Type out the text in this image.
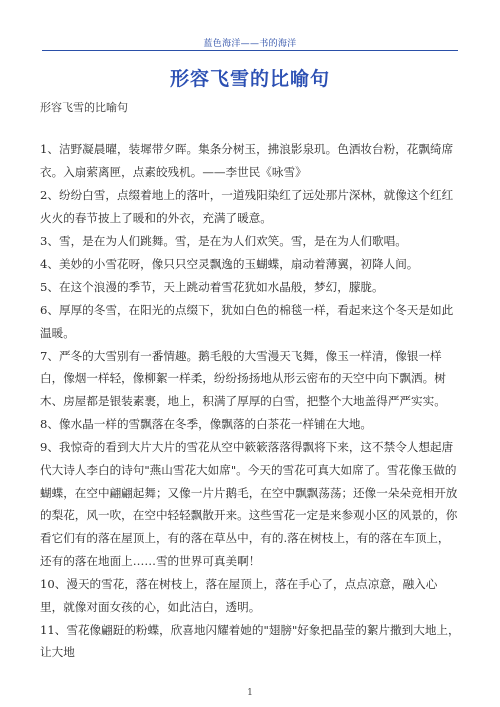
蓝色海洋——书的海洋
形容飞雪的比喻句
形容飞雪的比喻句

1、洁野凝晨曜，装墀带夕晖。集条分树玉，拂浪影泉玑。色洒妆台粉，花飘绮席衣。入扇萦离匣，点素皎残机。——李世民《咏雪》

2、纷纷白雪，点缀着地上的落叶，一道残阳染红了远处那片深林，就像这个红红火火的春节披上了暖和的外衣，充满了暖意。

3、雪，是在为人们跳舞。雪，是在为人们欢笑。雪，是在为人们歌唱。

4、美妙的小雪花呀，像只只空灵飘逸的玉蝴蝶，扇动着薄翼，初降人间。

5、在这个浪漫的季节，天上跳动着雪花犹如水晶般，梦幻，朦胧。

6、厚厚的冬雪，在阳光的点缀下，犹如白色的棉毯一样，看起来这个冬天是如此温暖。

7、严冬的大雪别有一番情趣。鹅毛般的大雪漫天飞舞，像玉一样清，像银一样白，像烟一样轻，像柳絮一样柔，纷纷扬扬地从形云密布的天空中向下飘洒。树木、房屋都是银装素裹，地上，积满了厚厚的白雪，把整个大地盖得严严实实。

8、像水晶一样的雪飘落在冬季，像飘落的白茶花一样铺在大地。

9、我惊奇的看到大片大片的雪花从空中簌簌落落得飘将下来，这不禁令人想起唐代大诗人李白的诗句"燕山雪花大如席"。今天的雪花可真大如席了。雪花像玉做的蝴蝶，在空中翩翩起舞；又像一片片鹅毛，在空中飘飘荡荡；还像一朵朵竞相开放的梨花，风一吹，在空中轻轻飘散开来。这些雪花一定是来参观小区的风景的，你看它们有的落在屋顶上，有的落在草丛中，有的.落在树枝上，有的落在车顶上，还有的落在地面上……雪的世界可真美啊！

10、漫天的雪花，落在树枝上，落在屋顶上，落在手心了，点点凉意，融入心里，就像对面女孩的心，如此洁白，透明。

11、雪花像翩跹的粉蝶，欣喜地闪耀着她的"翅膀"好象把晶莹的絮片撒到大地上，让大地

1
